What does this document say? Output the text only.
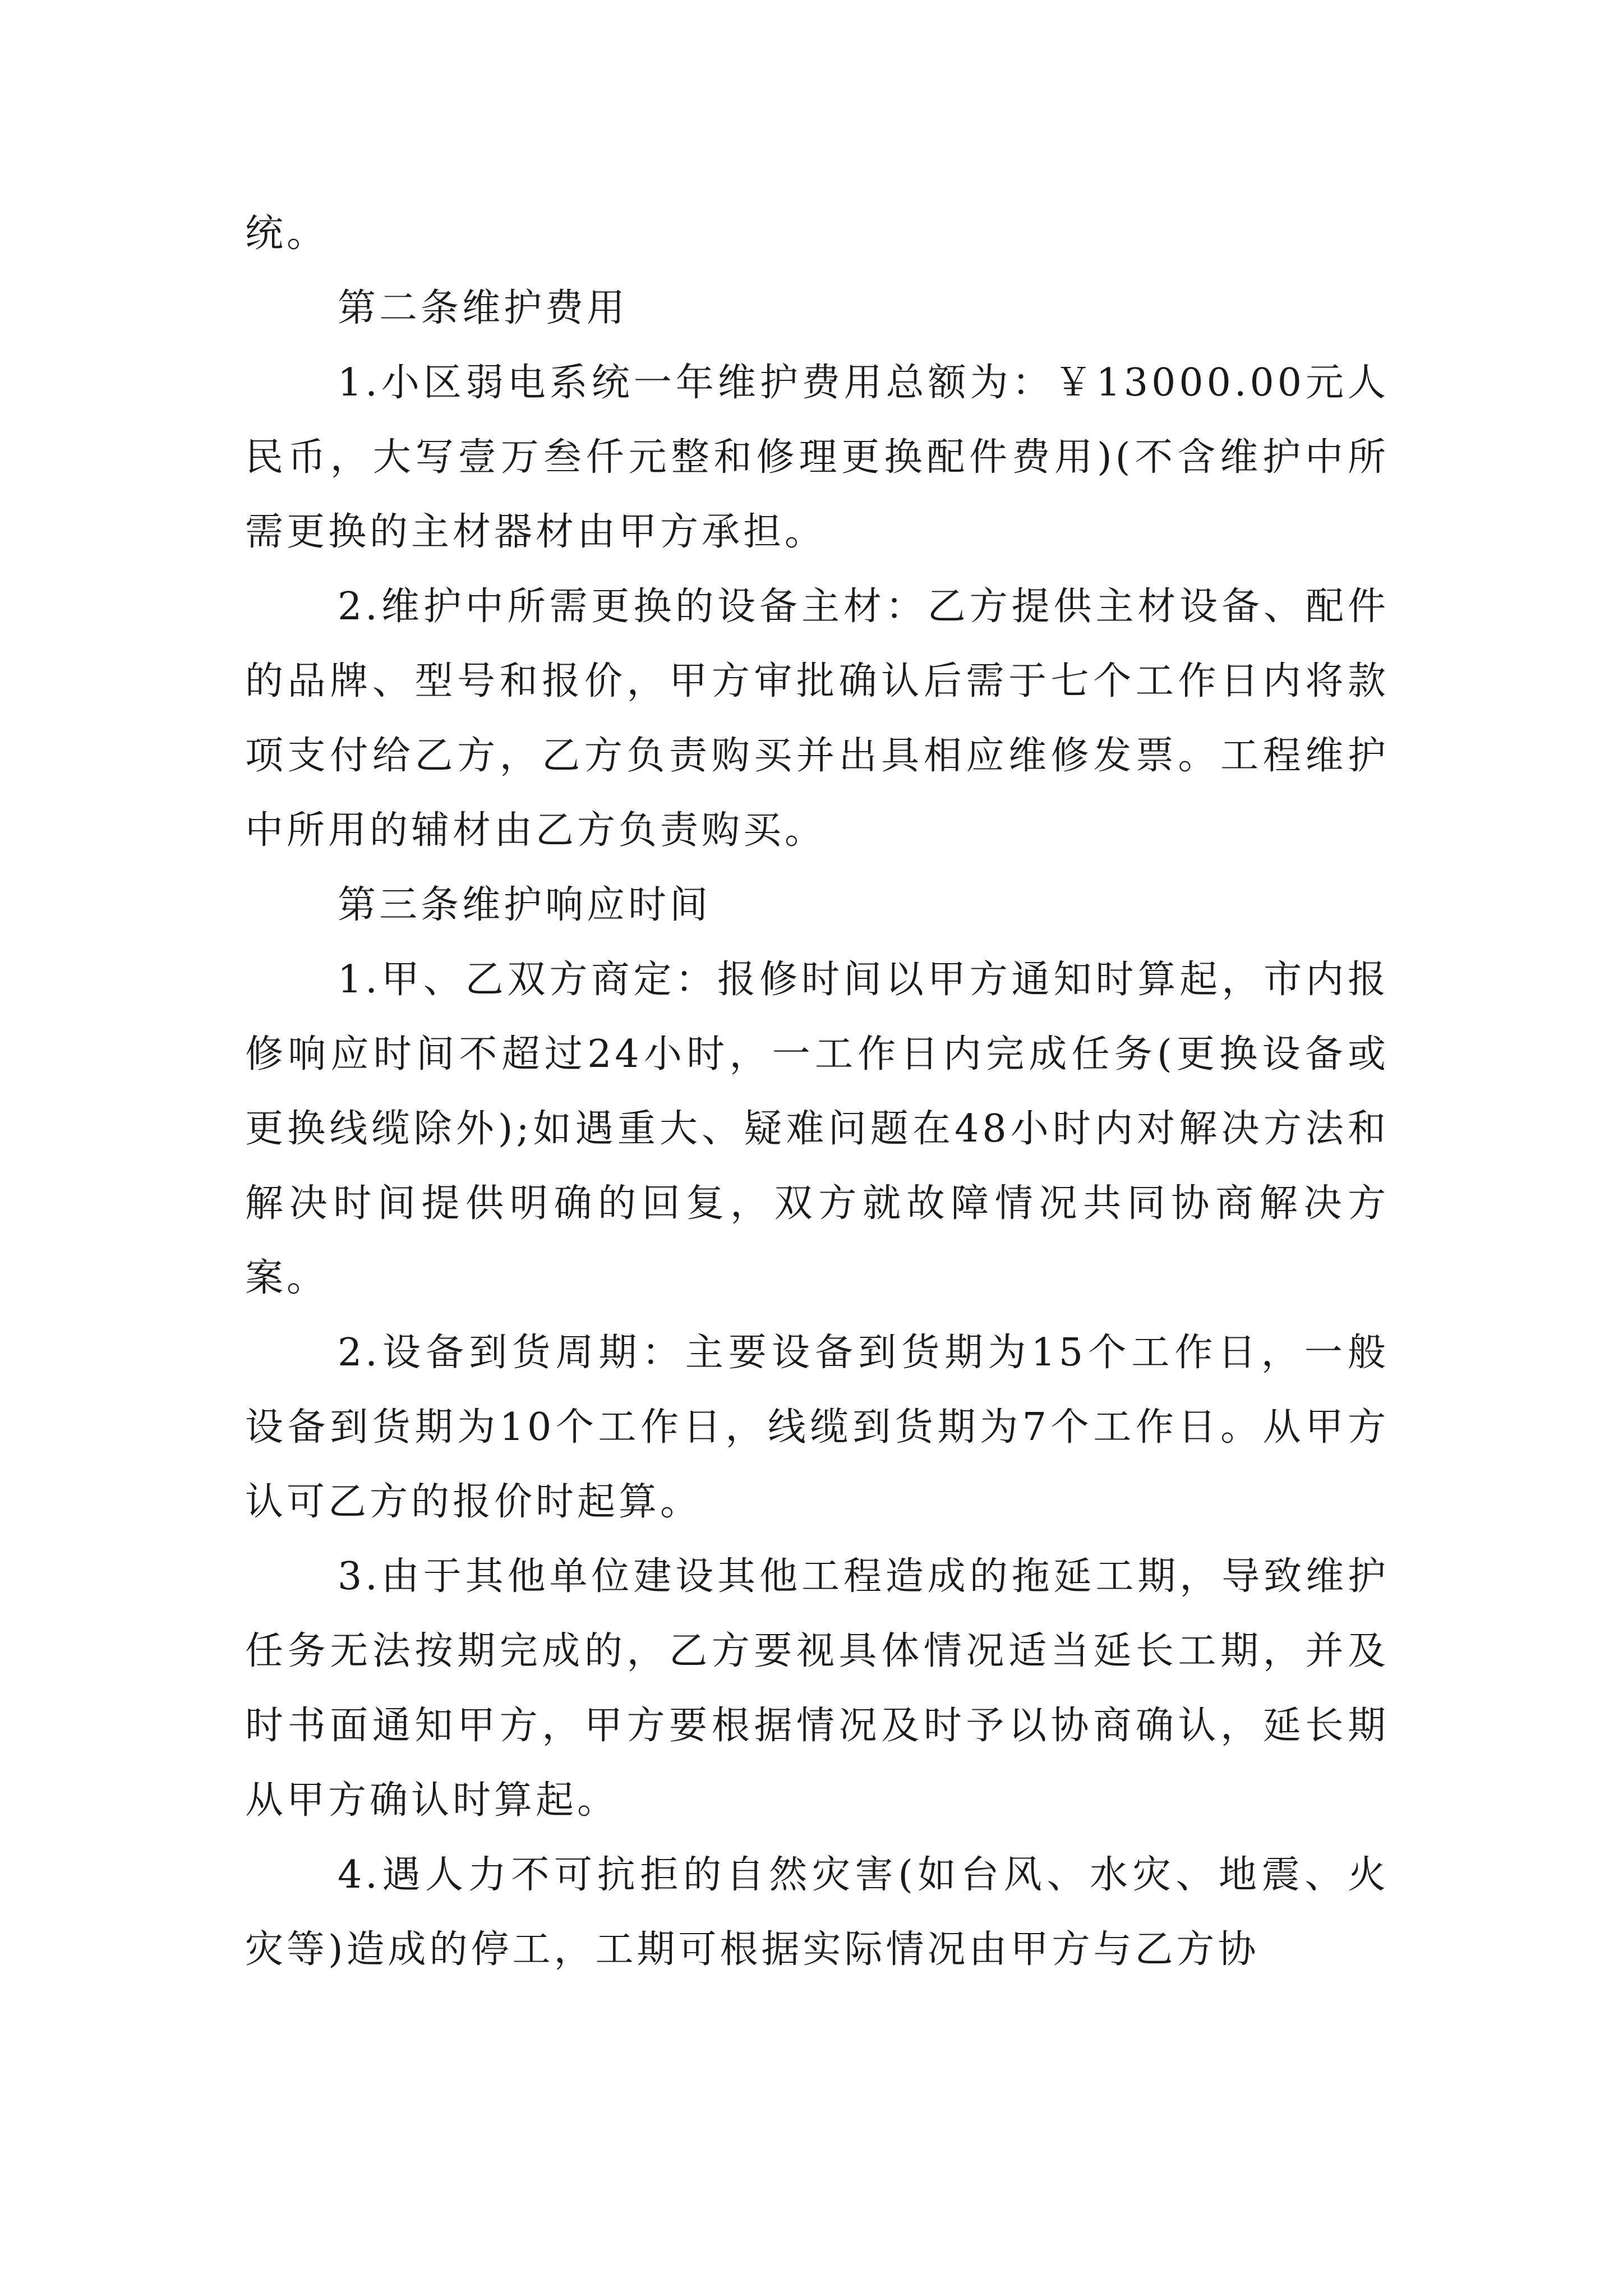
统。

第二条维护费用

1.小区弱电系统一年维护费用总额为：￥13000.00元人民币，大写壹万叁仟元整和修理更换配件费用)(不含维护中所需更换的主材器材由甲方承担。

2.维护中所需更换的设备主材：乙方提供主材设备、配件的品牌、型号和报价，甲方审批确认后需于七个工作日内将款项支付给乙方，乙方负责购买并出具相应维修发票。工程维护中所用的辅材由乙方负责购买。

第三条维护响应时间

1.甲、乙双方商定：报修时间以甲方通知时算起，市内报修响应时间不超过24小时，一工作日内完成任务(更换设备或更换线缆除外);如遇重大、疑难问题在48小时内对解决方法和解决时间提供明确的回复，双方就故障情况共同协商解决方案。

2.设备到货周期：主要设备到货期为15个工作日，一般设备到货期为10个工作日，线缆到货期为7个工作日。从甲方认可乙方的报价时起算。

3.由于其他单位建设其他工程造成的拖延工期，导致维护任务无法按期完成的，乙方要视具体情况适当延长工期，并及时书面通知甲方，甲方要根据情况及时予以协商确认，延长期从甲方确认时算起。

4.遇人力不可抗拒的自然灾害(如台风、水灾、地震、火灾等)造成的停工，工期可根据实际情况由甲方与乙方协
